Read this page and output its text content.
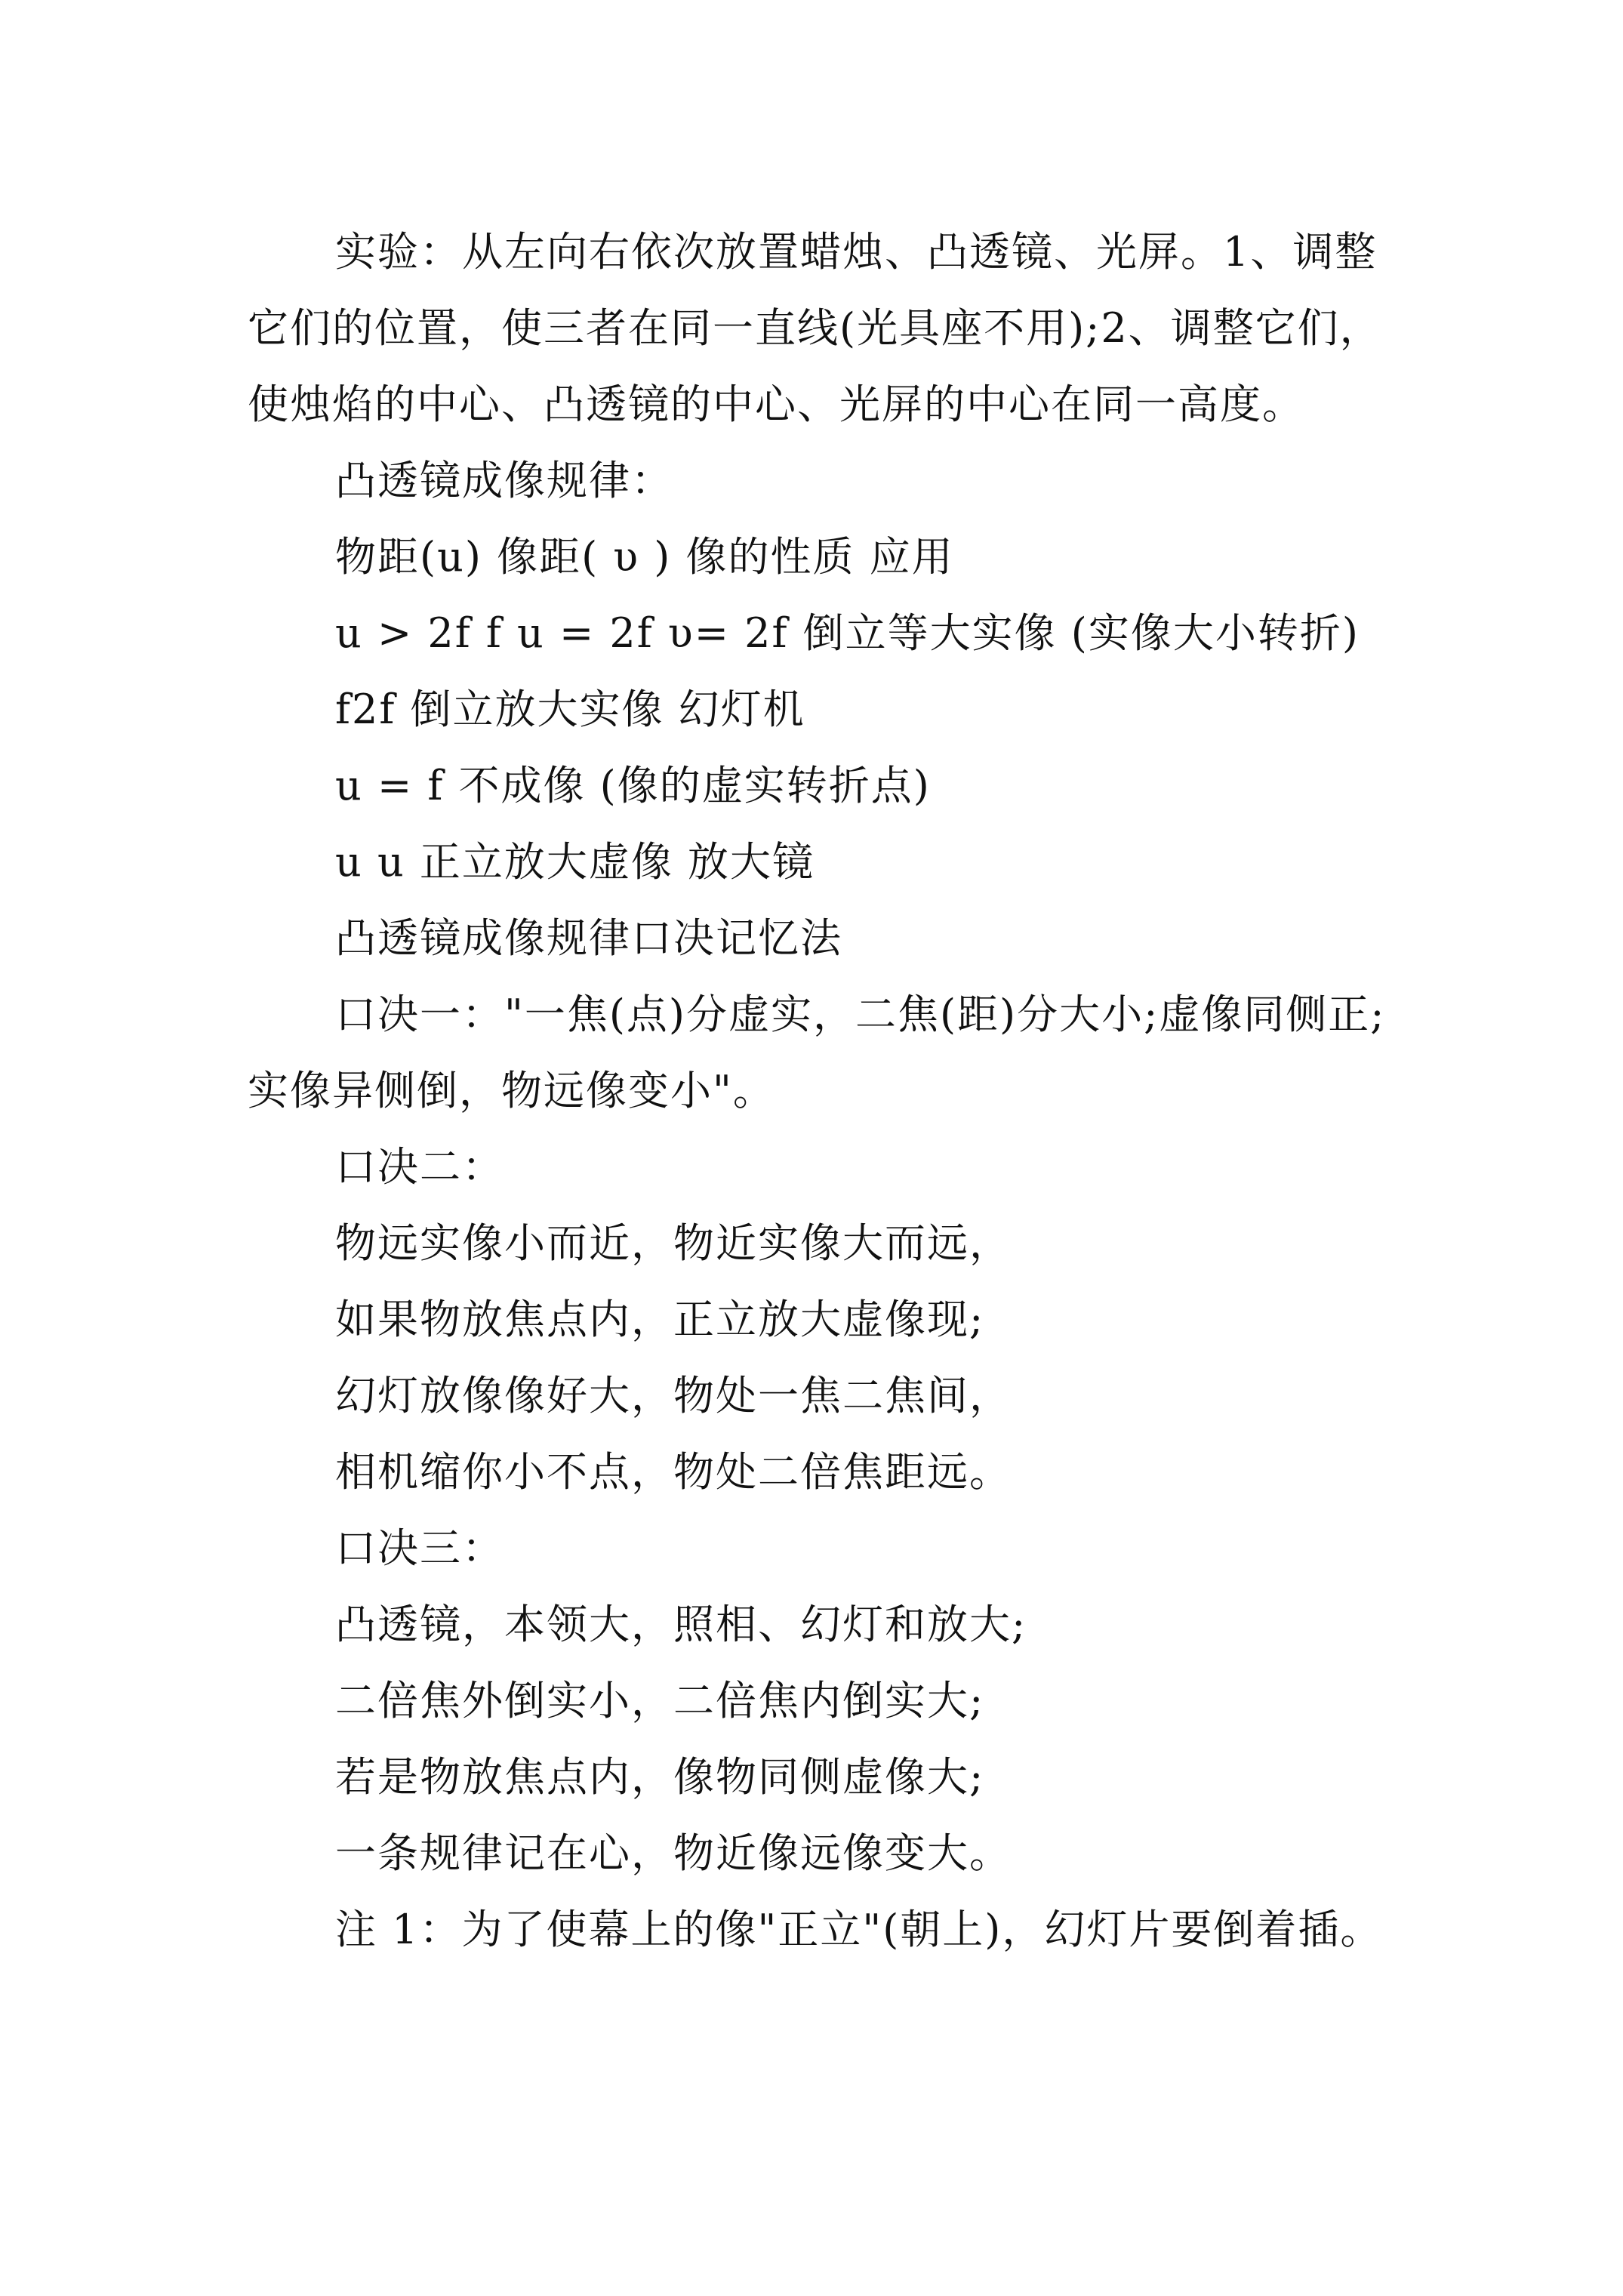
实验：从左向右依次放置蜡烛、凸透镜、光屏。1、调整它们的位置，使三者在同一直线(光具座不用);2、调整它们，使烛焰的中心、凸透镜的中心、光屏的中心在同一高度。

凸透镜成像规律：

物距(u) 像距( υ ) 像的性质 应用

u > 2f f u = 2f υ= 2f 倒立等大实像 (实像大小转折)

f2f 倒立放大实像 幻灯机

u = f 不成像 (像的虚实转折点)

u u 正立放大虚像 放大镜

凸透镜成像规律口决记忆法

口决一："一焦(点)分虚实，二焦(距)分大小;虚像同侧正;实像异侧倒，物远像变小"。

口决二：

物远实像小而近，物近实像大而远，

如果物放焦点内，正立放大虚像现;

幻灯放像像好大，物处一焦二焦间，

相机缩你小不点，物处二倍焦距远。

口决三：

凸透镜，本领大，照相、幻灯和放大;

二倍焦外倒实小，二倍焦内倒实大;

若是物放焦点内，像物同侧虚像大;

一条规律记在心，物近像远像变大。

注 1：为了使幕上的像"正立"(朝上)，幻灯片要倒着插。
